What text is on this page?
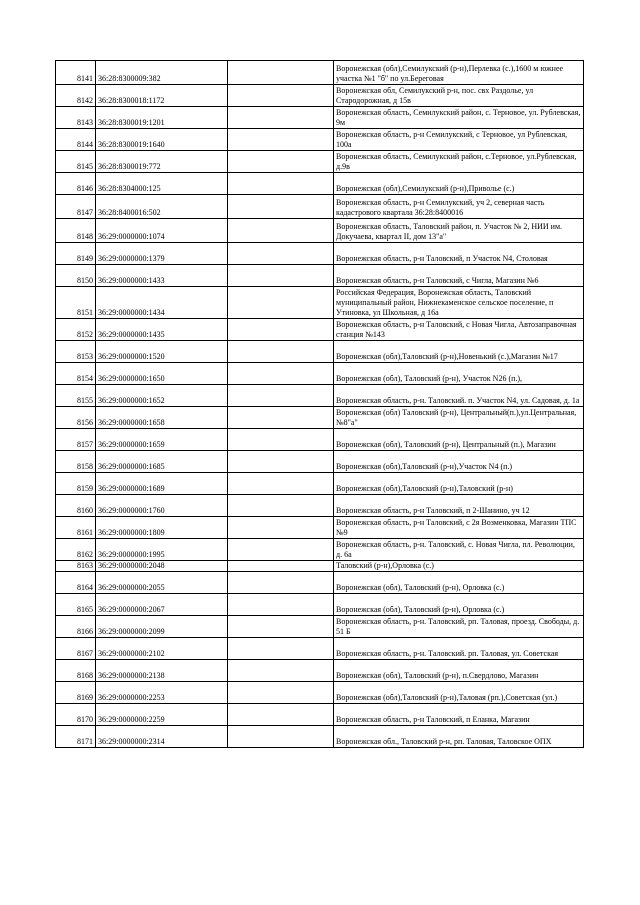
8141	36:28:8300009:382		Воронежская (обл),Семилукский (р-н),Перлевка (с.),1600 м южнее участка №1 "б" по ул.Береговая
8142	36:28:8300018:1172		Воронежская обл, Семилукский р-н, пос. свх Раздолье, ул Стародорожная, д 15в
8143	36:28:8300019:1201		Воронежская область, Семилукский район, с. Терновое, ул. Рублевская, 9м
8144	36:28:8300019:1640		Воронежская область, р-н Семилукский, с Терновое, ул Рублевская, 100а
8145	36:28:8300019:772		Воронежская область, Семилукский район, с.Терновое, ул.Рублевская, д.9в
8146	36:28:8304000:125		Воронежская (обл),Семилукский (р-н),Приволье (с.)
8147	36:28:8400016:502		Воронежская область, р-н Семилукский, уч 2, северная часть кадастрового квартала 36:28:8400016
8148	36:29:0000000:1074		Воронежская область, Таловский район, п. Участок № 2, НИИ им. Докучаева, квартал II, дом 13"а"
8149	36:29:0000000:1379		Воронежская область, р-н Таловский, п Участок N4, Столовая
8150	36:29:0000000:1433		Воронежская область, р-н Таловский, с Чигла, Магазин №6
8151	36:29:0000000:1434		Российская Федерация, Воронежская область, Таловский муниципальный район, Нижнекаменское сельское поселение, п Утиновка, ул Школьная, д 16а
8152	36:29:0000000:1435		Воронежская область, р-н Таловский, с Новая Чигла, Автозаправочная станция №143
8153	36:29:0000000:1520		Воронежская (обл),Таловский (р-н),Новенький (с.),Магазин №17
8154	36:29:0000000:1650		Воронежская (обл), Таловский (р-н), Участок N26 (п.),
8155	36:29:0000000:1652		Воронежская область, р-н. Таловский. п. Участок N4, ул. Садовая, д. 1а
8156	36:29:0000000:1658		Воронежская (обл) Таловский (р-н), Центральный(п.),ул.Центральная,№8"а"
8157	36:29:0000000:1659		Воронежская (обл), Таловский (р-н), Центральный (п.), Магазин
8158	36:29:0000000:1685		Воронежская (обл),Таловский (р-н),Участок N4 (п.)
8159	36:29:0000000:1689		Воронежская (обл),Таловский (р-н),Таловский (р-н)
8160	36:29:0000000:1760		Воронежская область, р-н Таловский, п 2-Шанино, уч 12
8161	36:29:0000000:1809		Воронежская область, р-н Таловский, с 2я Возменковка, Магазин ТПС №9
8162	36:29:0000000:1995		Воронежская область, р-н. Таловский, с. Новая Чигла, пл. Революции, д. 6а
8163	36:29:0000000:2048		Таловский (р-н),Орловка (с.)
8164	36:29:0000000:2055		Воронежская (обл), Таловский (р-н), Орловка (с.)
8165	36:29:0000000:2067		Воронежская (обл), Таловский (р-н), Орловка (с.)
8166	36:29:0000000:2099		Воронежская область, р-н. Таловский, рп. Таловая, проезд. Свободы, д. 51 Б
8167	36:29:0000000:2102		Воронежская область, р-н. Таловский. рп. Таловая, ул. Советская
8168	36:29:0000000:2138		Воронежская (обл), Таловский (р-н), п.Свердлово, Магазин
8169	36:29:0000000:2253		Воронежская (обл),Таловский (р-н),Таловая (рп.),Советская (ул.)
8170	36:29:0000000:2259		Воронежская область, р-н Таловский, п Еланка, Магазин
8171	36:29:0000000:2314		Воронежская обл., Таловский р-н, рп. Таловая, Таловское ОПХ
